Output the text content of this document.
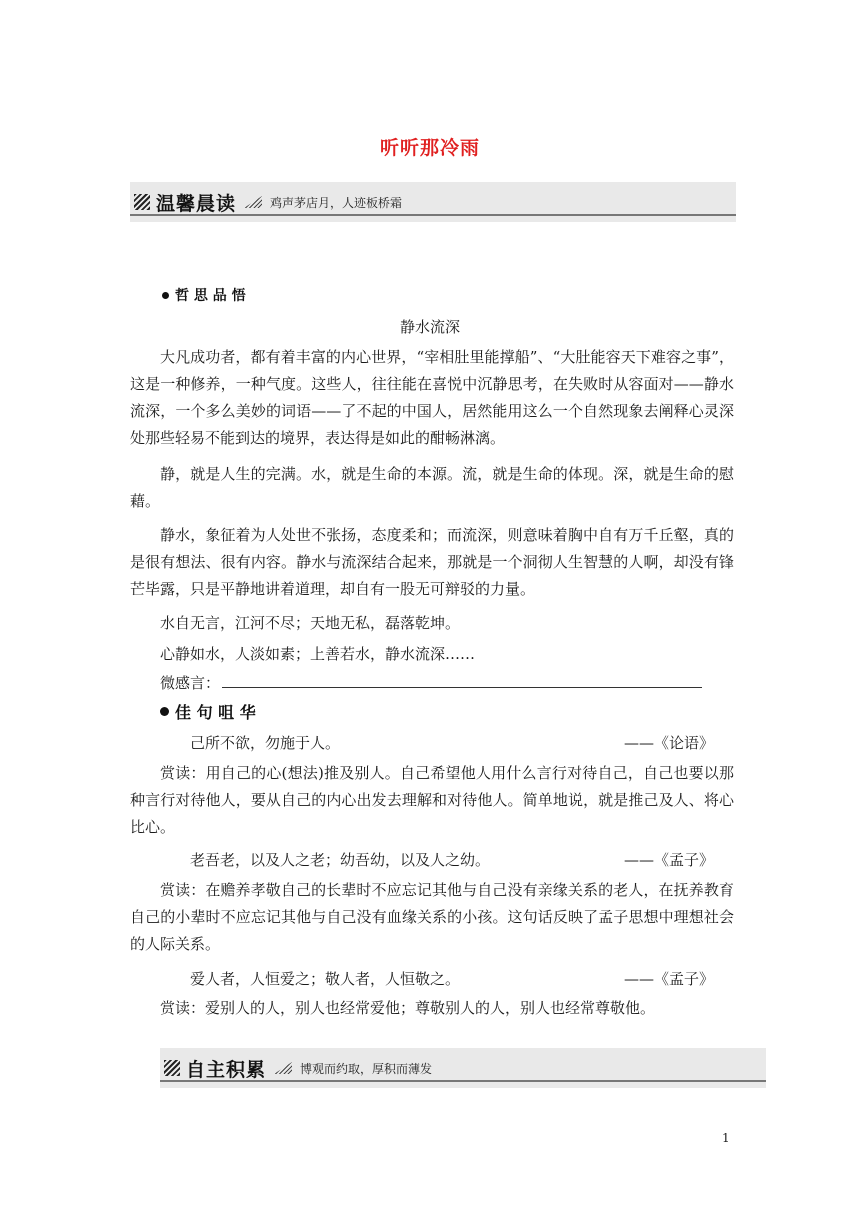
听听那冷雨
温馨晨读	鸡声茅店月，人迹板桥霜
哲 思 品 悟
静水流深
大凡成功者，都有着丰富的内心世界，“宰相肚里能撑船”、“大肚能容天下难容之事”，这是一种修养，一种气度。这些人，往往能在喜悦中沉静思考，在失败时从容面对——静水流深，一个多么美妙的词语——了不起的中国人，居然能用这么一个自然现象去阐释心灵深处那些轻易不能到达的境界，表达得是如此的酣畅淋漓。
静，就是人生的完满。水，就是生命的本源。流，就是生命的体现。深，就是生命的慰藉。
静水，象征着为人处世不张扬，态度柔和；而流深，则意味着胸中自有万千丘壑，真的是很有想法、很有内容。静水与流深结合起来，那就是一个洞彻人生智慧的人啊，却没有锋芒毕露，只是平静地讲着道理，却自有一股无可辩驳的力量。
水自无言，江河不尽；天地无私，磊落乾坤。
心静如水，人淡如素；上善若水，静水流深……
微感言：
佳 句 咀 华
己所不欲，勿施于人。	——《论语》
赏读：用自己的心(想法)推及别人。自己希望他人用什么言行对待自己，自己也要以那种言行对待他人，要从自己的内心出发去理解和对待他人。简单地说，就是推己及人、将心比心。
老吾老，以及人之老；幼吾幼，以及人之幼。	——《孟子》
赏读：在赡养孝敬自己的长辈时不应忘记其他与自己没有亲缘关系的老人，在抚养教育自己的小辈时不应忘记其他与自己没有血缘关系的小孩。这句话反映了孟子思想中理想社会的人际关系。
爱人者，人恒爱之；敬人者，人恒敬之。	——《孟子》
赏读：爱别人的人，别人也经常爱他；尊敬别人的人，别人也经常尊敬他。
自主积累	博观而约取，厚积而薄发
1
